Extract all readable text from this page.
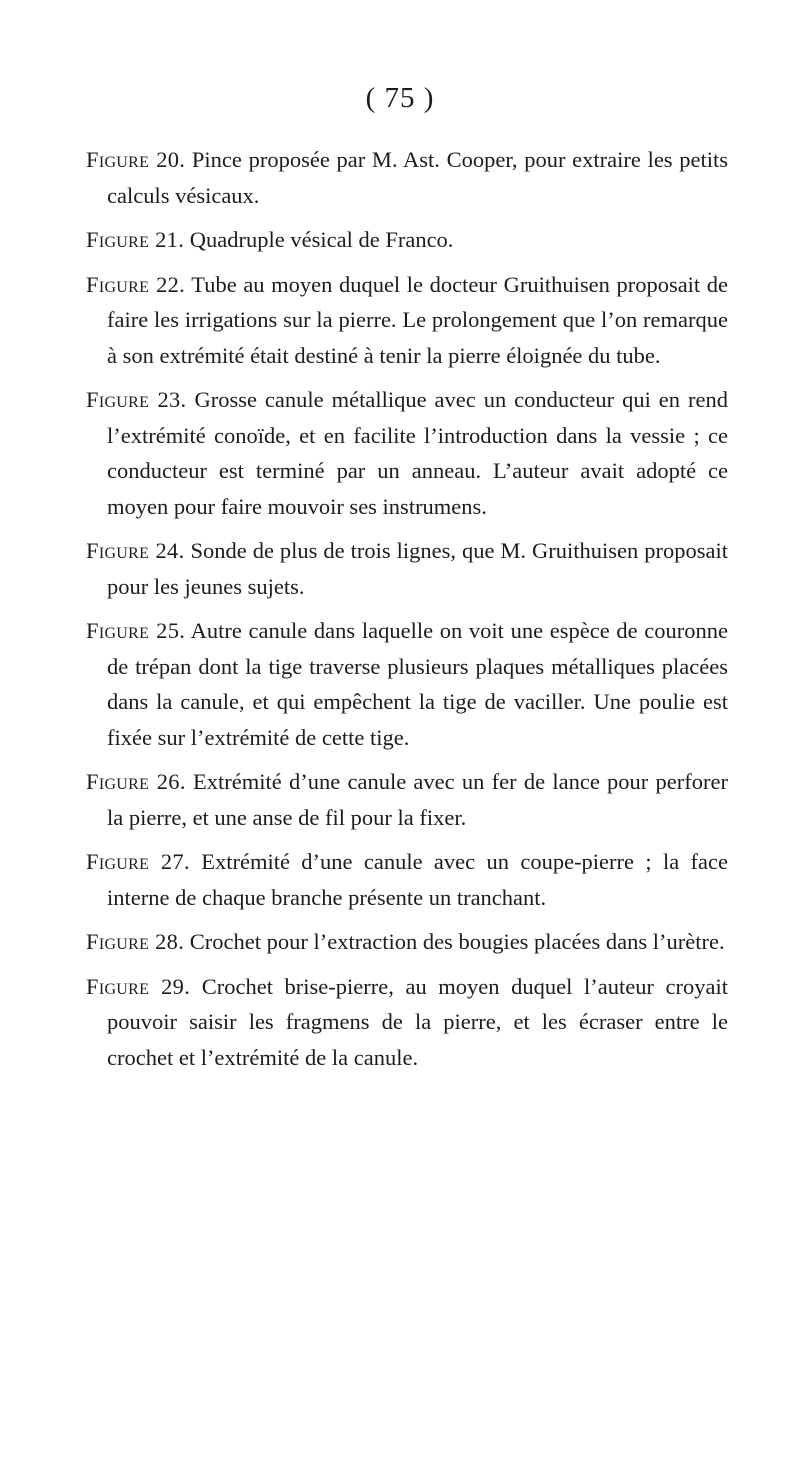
( 75 )

Figure 20. Pince proposée par M. Ast. Cooper, pour extraire les petits calculs vésicaux.

Figure 21. Quadruple vésical de Franco.

Figure 22. Tube au moyen duquel le docteur Gruithuisen proposait de faire les irrigations sur la pierre. Le prolongement que l’on remarque à son extrémité était destiné à tenir la pierre éloignée du tube.

Figure 23. Grosse canule métallique avec un conducteur qui en rend l’extrémité conoïde, et en facilite l’introduction dans la vessie ; ce conducteur est terminé par un anneau. L’auteur avait adopté ce moyen pour faire mouvoir ses instrumens.

Figure 24. Sonde de plus de trois lignes, que M. Gruithuisen proposait pour les jeunes sujets.

Figure 25. Autre canule dans laquelle on voit une espèce de couronne de trépan dont la tige traverse plusieurs plaques métalliques placées dans la canule, et qui empêchent la tige de vaciller. Une poulie est fixée sur l’extrémité de cette tige.

Figure 26. Extrémité d’une canule avec un fer de lance pour perforer la pierre, et une anse de fil pour la fixer.

Figure 27. Extrémité d’une canule avec un coupe-pierre ; la face interne de chaque branche présente un tranchant.

Figure 28. Crochet pour l’extraction des bougies placées dans l’urètre.

Figure 29. Crochet brise-pierre, au moyen duquel l’auteur croyait pouvoir saisir les fragmens de la pierre, et les écraser entre le crochet et l’extrémité de la canule.
